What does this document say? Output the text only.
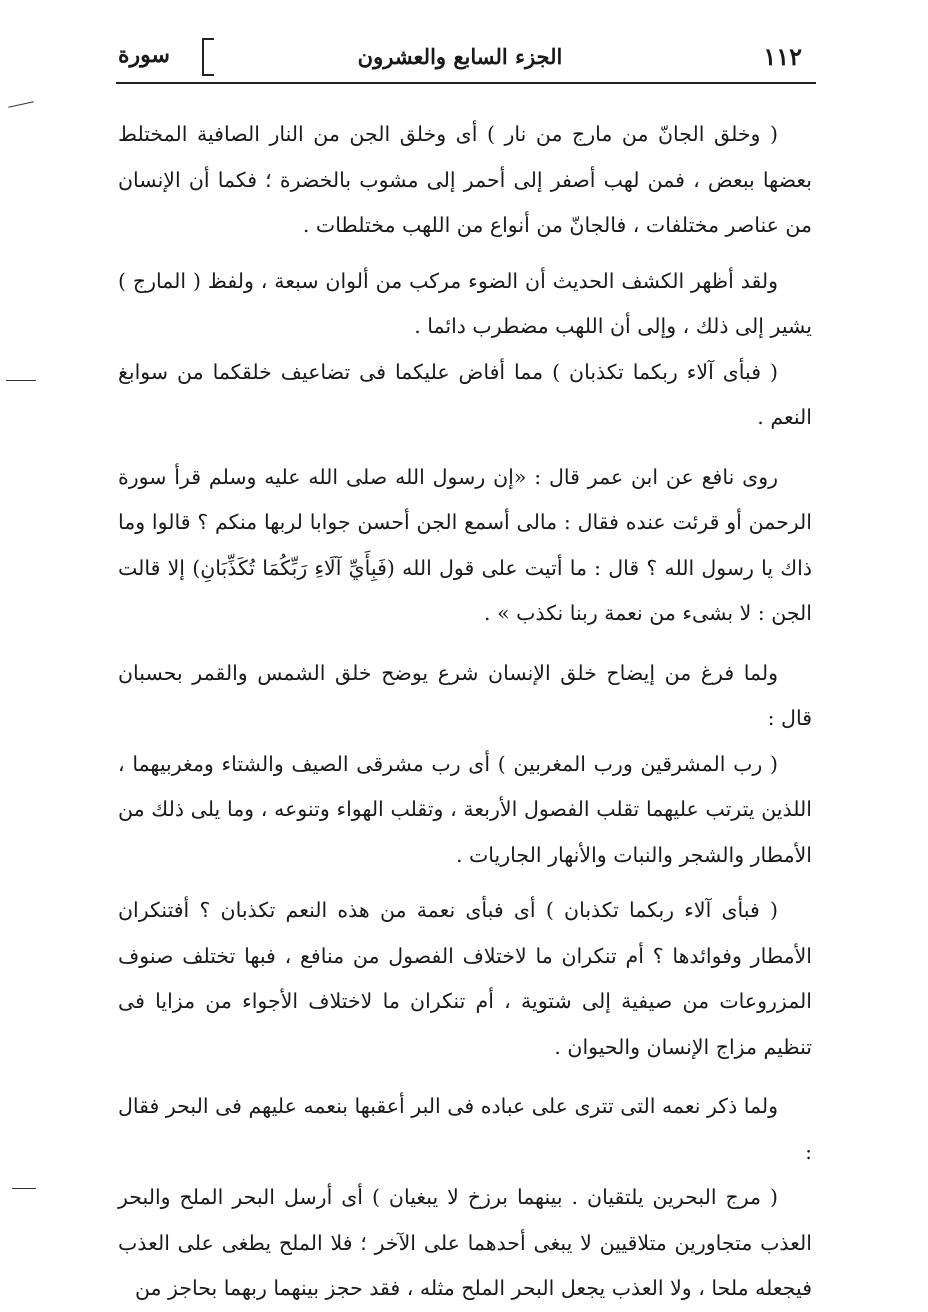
١١٢
الجزء السابع والعشرون
سورة

( وخلق الجانّ من مارج من نار ) أى وخلق الجن من النار الصافية المختلط بعضها ببعض ، فمن لهب أصفر إلى أحمر إلى مشوب بالخضرة ؛ فكما أن الإنسان من عناصر مختلفات ، فالجانّ من أنواع من اللهب مختلطات .

ولقد أظهر الكشف الحديث أن الضوء مركب من ألوان سبعة ، ولفظ ( المارج ) يشير إلى ذلك ، وإلى أن اللهب مضطرب دائما .

( فبأى آلاء ربكما تكذبان ) مما أفاض عليكما فى تضاعيف خلقكما من سوابغ النعم .

روى نافع عن ابن عمر قال : «إن رسول الله صلى الله عليه وسلم قرأ سورة الرحمن أو قرئت عنده فقال : مالى أسمع الجن أحسن جوابا لربها منكم ؟ قالوا وما ذاك يا رسول الله ؟ قال : ما أتيت على قول الله (فَبِأَيِّ آلَاءِ رَبِّكُمَا تُكَذِّبَانِ) إلا قالت الجن : لا بشىء من نعمة ربنا نكذب » .

ولما فرغ من إيضاح خلق الإنسان شرع يوضح خلق الشمس والقمر بحسبان قال :

( رب المشرقين ورب المغربين ) أى رب مشرقى الصيف والشتاء ومغربيهما ، اللذين يترتب عليهما تقلب الفصول الأربعة ، وتقلب الهواء وتنوعه ، وما يلى ذلك من الأمطار والشجر والنبات والأنهار الجاريات .

( فبأى آلاء ربكما تكذبان ) أى فبأى نعمة من هذه النعم تكذبان ؟ أفتنكران الأمطار وفوائدها ؟ أم تنكران ما لاختلاف الفصول من منافع ، فبها تختلف صنوف المزروعات من صيفية إلى شتوية ، أم تنكران ما لاختلاف الأجواء من مزايا فى تنظيم مزاج الإنسان والحيوان .

ولما ذكر نعمه التى تترى على عباده فى البر أعقبها بنعمه عليهم فى البحر فقال :

( مرج البحرين يلتقيان . بينهما برزخ لا يبغيان ) أى أرسل البحر الملح والبحر العذب متجاورين متلاقيين لا يبغى أحدهما على الآخر ؛ فلا الملح يطغى على العذب فيجعله ملحا ، ولا العذب يجعل البحر الملح مثله ، فقد حجز بينهما ربهما بحاجز من
